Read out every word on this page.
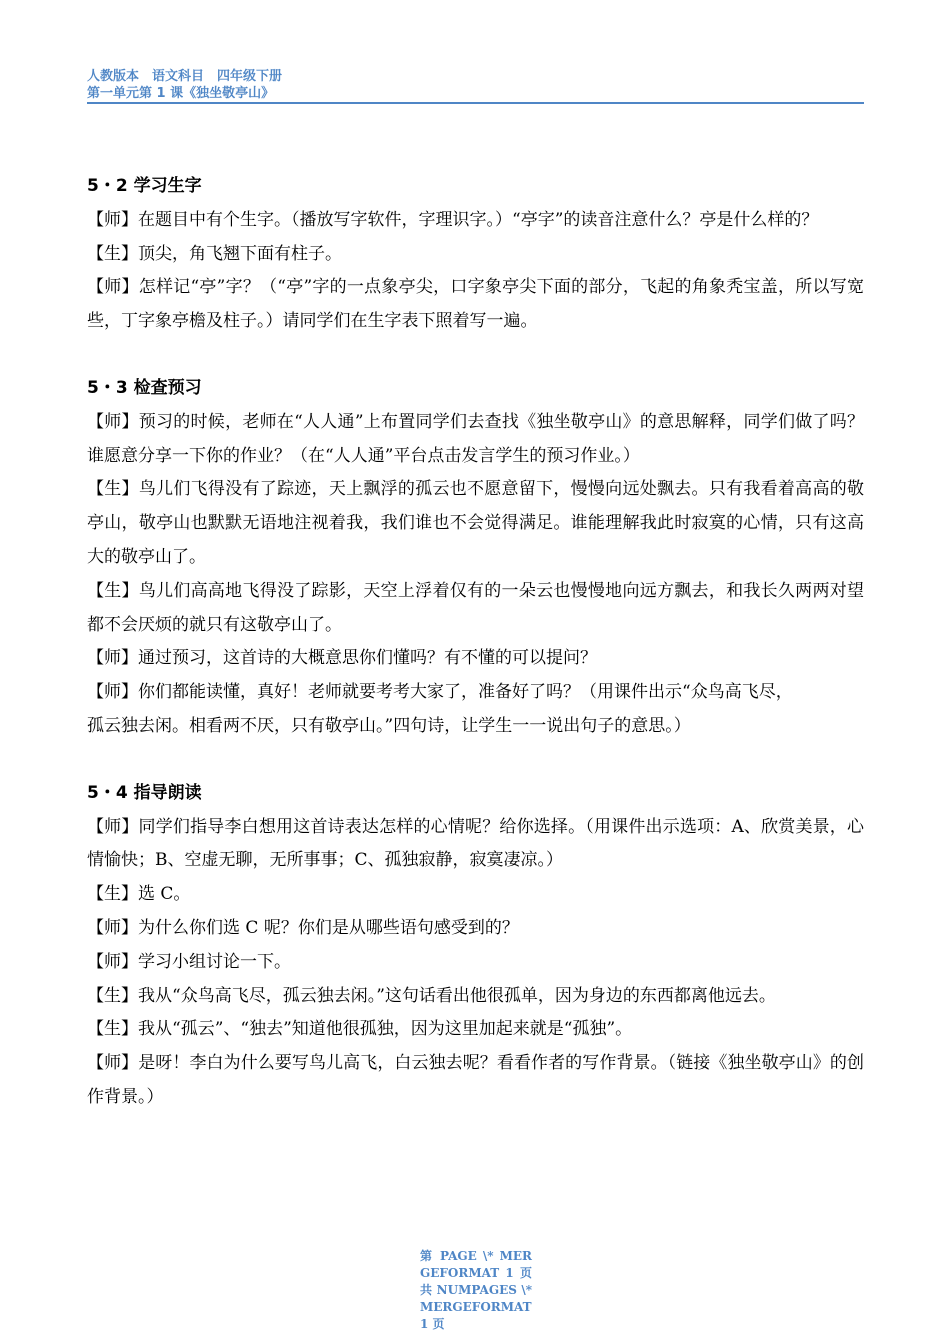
人教版本　语文科目　四年级下册
第一单元第 1 课《独坐敬亭山》
5・2 学习生字

【师】在题目中有个生字。（播放写字软件，字理识字。）“亭字”的读音注意什么？亭是什么样的？

【生】顶尖，角飞翘下面有柱子。

【师】怎样记“亭”字？（“亭”字的一点象亭尖，口字象亭尖下面的部分，飞起的角象秃宝盖，所以写宽些，丁字象亭檐及柱子。）请同学们在生字表下照着写一遍。

5・3 检查预习

【师】预习的时候，老师在“人人通”上布置同学们去查找《独坐敬亭山》的意思解释，同学们做了吗？谁愿意分享一下你的作业？（在“人人通”平台点击发言学生的预习作业。）

【生】鸟儿们飞得没有了踪迹，天上飘浮的孤云也不愿意留下，慢慢向远处飘去。只有我看着高高的敬亭山，敬亭山也默默无语地注视着我，我们谁也不会觉得满足。谁能理解我此时寂寞的心情，只有这高大的敬亭山了。

【生】鸟儿们高高地飞得没了踪影，天空上浮着仅有的一朵云也慢慢地向远方飘去，和我长久两两对望都不会厌烦的就只有这敬亭山了。

【师】通过预习，这首诗的大概意思你们懂吗？有不懂的可以提问？

【师】你们都能读懂，真好！老师就要考考大家了，准备好了吗？（用课件出示“众鸟高飞尽，

孤云独去闲。相看两不厌，只有敬亭山。”四句诗，让学生一一说出句子的意思。）

5・4 指导朗读

【师】同学们指导李白想用这首诗表达怎样的心情呢？给你选择。（用课件出示选项：A、欣赏美景，心情愉快；B、空虚无聊，无所事事；C、孤独寂静，寂寞凄凉。）

【生】选 C。

【师】为什么你们选 C 呢？你们是从哪些语句感受到的？

【师】学习小组讨论一下。

【生】我从“众鸟高飞尽，孤云独去闲。”这句话看出他很孤单，因为身边的东西都离他远去。

【生】我从“孤云”、“独去”知道他很孤独，因为这里加起来就是“孤独”。

【师】是呀！李白为什么要写鸟儿高飞，白云独去呢？看看作者的写作背景。（链接《独坐敬亭山》的创作背景。）

第 PAGE \* MERGEFORMAT 1 页 共 NUMPAGES \* MERGEFORMAT 1 页
